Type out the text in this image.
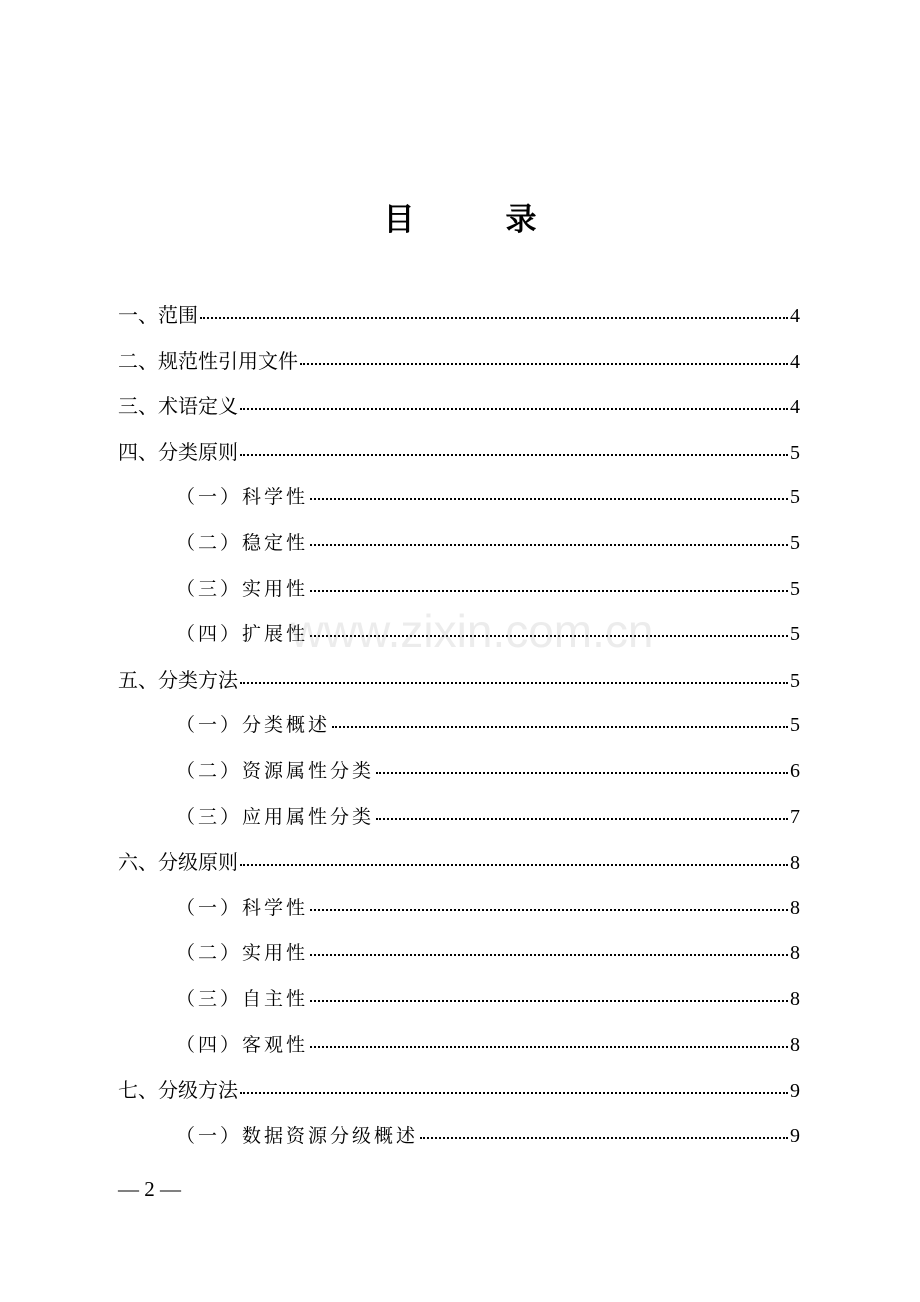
目　录
一、范围	4
二、规范性引用文件	4
三、术语定义	4
四、分类原则	5
（一）科学性	5
（二）稳定性	5
（三）实用性	5
（四）扩展性	5
五、分类方法	5
（一）分类概述	5
（二）资源属性分类	6
（三）应用属性分类	7
六、分级原则	8
（一）科学性	8
（二）实用性	8
（三）自主性	8
（四）客观性	8
七、分级方法	9
（一）数据资源分级概述	9
www.zixin.com.cn
— 2 —
